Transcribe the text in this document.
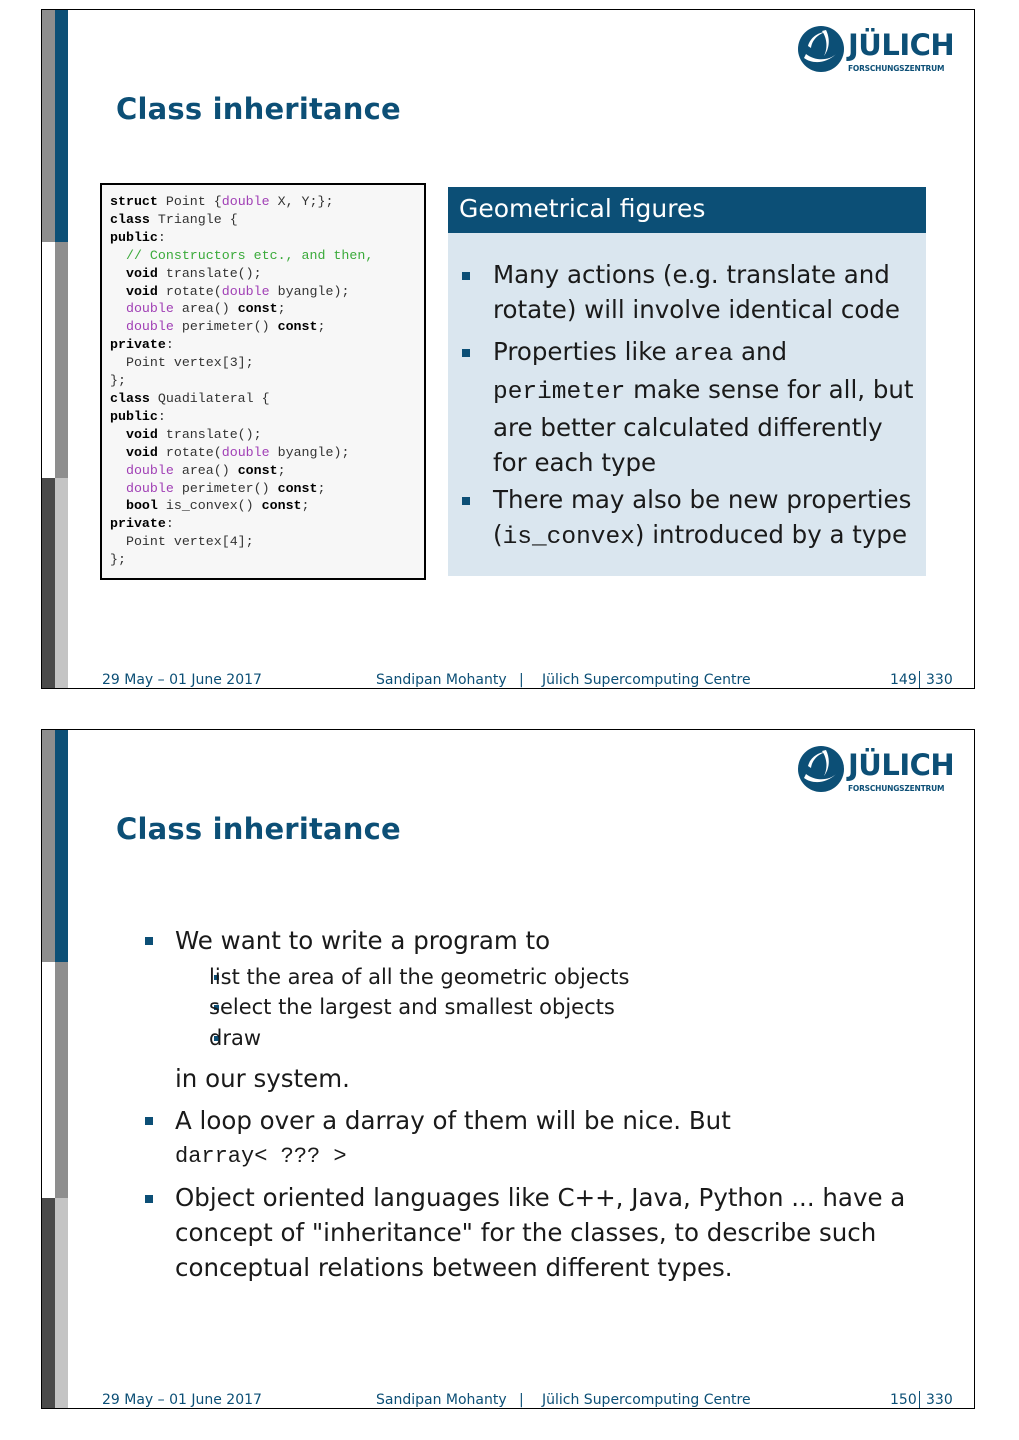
JÜLICH
FORSCHUNGSZENTRUM
Class inheritance
struct Point {double X, Y;};
class Triangle {
public:
// Constructors etc., and then,
void translate();
void rotate(double byangle);
double area() const;
double perimeter() const;
private:
Point vertex[3];
};
class Quadilateral {
public:
void translate();
void rotate(double byangle);
double area() const;
double perimeter() const;
bool is_convex() const;
private:
Point vertex[4];
};
Geometrical figures
Many actions (e.g. translate and rotate) will involve identical code
Properties like area and perimeter make sense for all, but are better calculated differently for each type
There may also be new properties (is_convex) introduced by a type
29 May – 01 June 2017	Sandipan Mohanty | Jülich Supercomputing Centre	149 330
JÜLICH
FORSCHUNGSZENTRUM
Class inheritance
We want to write a program to
list the area of all the geometric objects
select the largest and smallest objects
draw
in our system.
A loop over a darray of them will be nice. But
darray< ??? >
Object oriented languages like C++, Java, Python ... have a concept of "inheritance" for the classes, to describe such conceptual relations between different types.
29 May – 01 June 2017	Sandipan Mohanty | Jülich Supercomputing Centre	150 330
